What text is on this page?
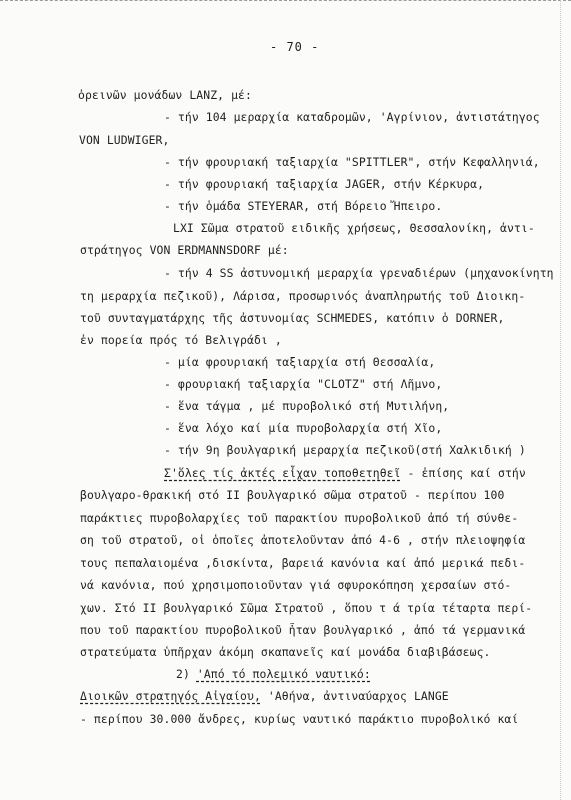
- 70 -
ὀρεινῶν μονάδων LANZ, μέ:
- τήν 104 μεραρχία καταδρομῶν, 'Αγρίνιον, ἀντιστάτηγος
VON LUDWIGER,
- τήν φρουριακή ταξιαρχία "SPITTLER", στήν Κεφαλληνιά,
- τήν φρουριακή ταξιαρχία JAGER, στήν Κέρκυρα,
- τήν ὁμάδα STEYERAR, στή Βόρειο Ἤπειρο.
LXI Σῶμα στρατοῦ ειδικῆς χρήσεως, Θεσσαλονίκη, ἀντι-
στράτηγος VON ERDMANNSDORF μέ:
- τήν 4 SS ἀστυνομική μεραρχία γρεναδιέρων (μηχανοκίνητη
τη μεραρχία πεζικοῦ), Λάρισα, προσωρινός ἀναπληρωτής τοῦ Διοικη-
τοῦ συνταγματάρχης τῆς ἀστυνομίας SCHMEDES, κατόπιν ὁ DORNER,
ἐν πορεία πρός τό Βελιγράδι ,
- μία φρουριακή ταξιαρχία στή Θεσσαλία,
- φρουριακή ταξιαρχία "CLOTZ" στή Λῆμνο,
- ἕνα τάγμα , μέ πυροβολικό στή Μυτιλήνη,
- ἕνα λόχο καί μία πυροβολαρχία στή Χῖο,
- τήν 9η βουλγαρική μεραρχία πεζικοῦ(στή Χαλκιδική )
Σ'ὅλες τίς ἀκτές εἶχαν τοποθετηθεῖ - ἐπίσης καί στήν
βουλγαρο-θρακική στό ΙΙ βουλγαρικό σῶμα στρατοῦ - περίπου 100
παράκτιες πυροβολαρχίες τοῦ παρακτίου πυροβολικοῦ ἀπό τή σύνθε-
ση τοῦ στρατοῦ, οἱ ὁποῖες ἀποτελοῦνταν ἀπό 4-6 , στήν πλειοψηφία
τους πεπαλαιομένα ,δισκίντα, βαρειά κανόνια καί ἀπό μερικά πεδι-
νά κανόνια, πού χρησιμοποιοῦνταν γιά σφυροκόπηση χερσαίων στό-
χων. Στό ΙΙ βουλγαρικό Σῶμα Στρατοῦ , ὅπου τ ά τρία τέταρτα περί-
που τοῦ παρακτίου πυροβολικοῦ ἦταν βουλγαρικό , ἀπό τά γερμανικά
στρατεύματα ὑπῆρχαν ἀκόμη σκαπανεῖς καί μονάδα διαβιβάσεως.
2) 'Από τό πολεμικό ναυτικό:
Διοικῶν στρατηγός Αἰγαίου, 'Αθήνα, ἀντιναύαρχος LANGE
- περίπου 30.000 ἄνδρες, κυρίως ναυτικό παράκτιο πυροβολικό καί
